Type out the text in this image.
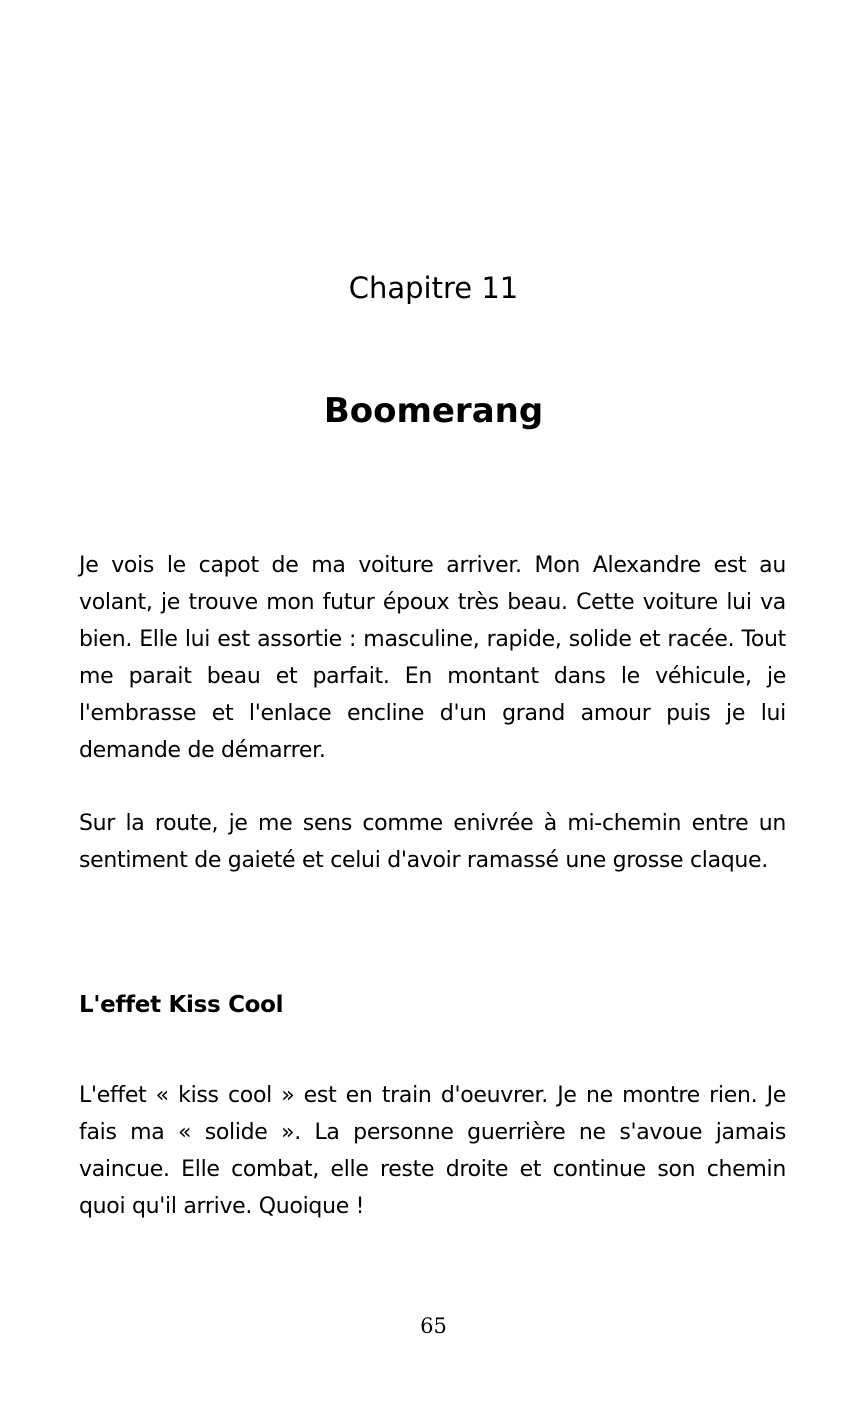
Chapitre 11
Boomerang

Je vois le capot de ma voiture arriver. Mon Alexandre est au volant, je trouve mon futur époux très beau. Cette voiture lui va bien. Elle lui est assortie : masculine, rapide, solide et racée. Tout me parait beau et parfait. En montant dans le véhicule, je l'embrasse et l'enlace encline d'un grand amour puis je lui demande de démarrer.

Sur la route, je me sens comme enivrée à mi-chemin entre un sentiment de gaieté et celui d'avoir ramassé une grosse claque.

L'effet Kiss Cool

L'effet « kiss cool » est en train d'oeuvrer. Je ne montre rien. Je fais ma « solide ». La personne guerrière ne s'avoue jamais vaincue. Elle combat, elle reste droite et continue son chemin quoi qu'il arrive. Quoique !

65
